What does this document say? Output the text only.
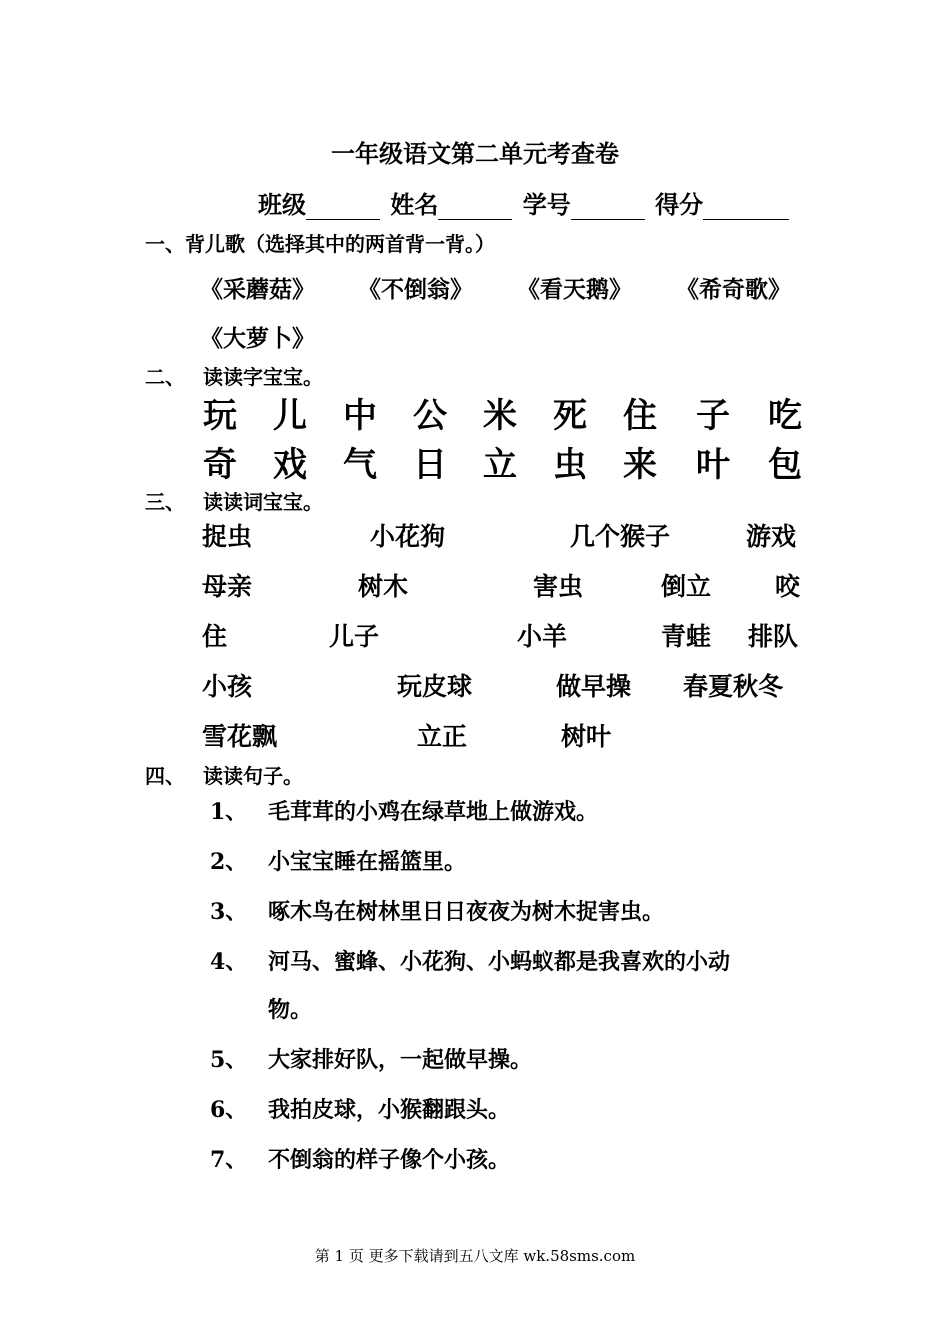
一年级语文第二单元考查卷
班级	姓名	学号	得分
一、背儿歌（选择其中的两首背一背。）
《采蘑菇》 《不倒翁》 《看天鹅》 《希奇歌》
《大萝卜》
二、 读读字宝宝。
玩 儿 中 公 米 死 住 子 吃
奇 戏 气 日 立 虫 来 叶 包
三、 读读词宝宝。
捉虫	小花狗	几个猴子	游戏
母亲	树木	害虫	倒立	咬
住	儿子	小羊	青蛙 排队
小孩	玩皮球	做早操 春夏秋冬
雪花飘	立正	树叶
四、 读读句子。
1、 毛茸茸的小鸡在绿草地上做游戏。
2、 小宝宝睡在摇篮里。
3、 啄木鸟在树林里日日夜夜为树木捉害虫。
4、 河马、蜜蜂、小花狗、小蚂蚁都是我喜欢的小动
物。
5、 大家排好队，一起做早操。
6、 我拍皮球，小猴翻跟头。
7、 不倒翁的样子像个小孩。
第 1 页 更多下载请到五八文库 wk.58sms.com
